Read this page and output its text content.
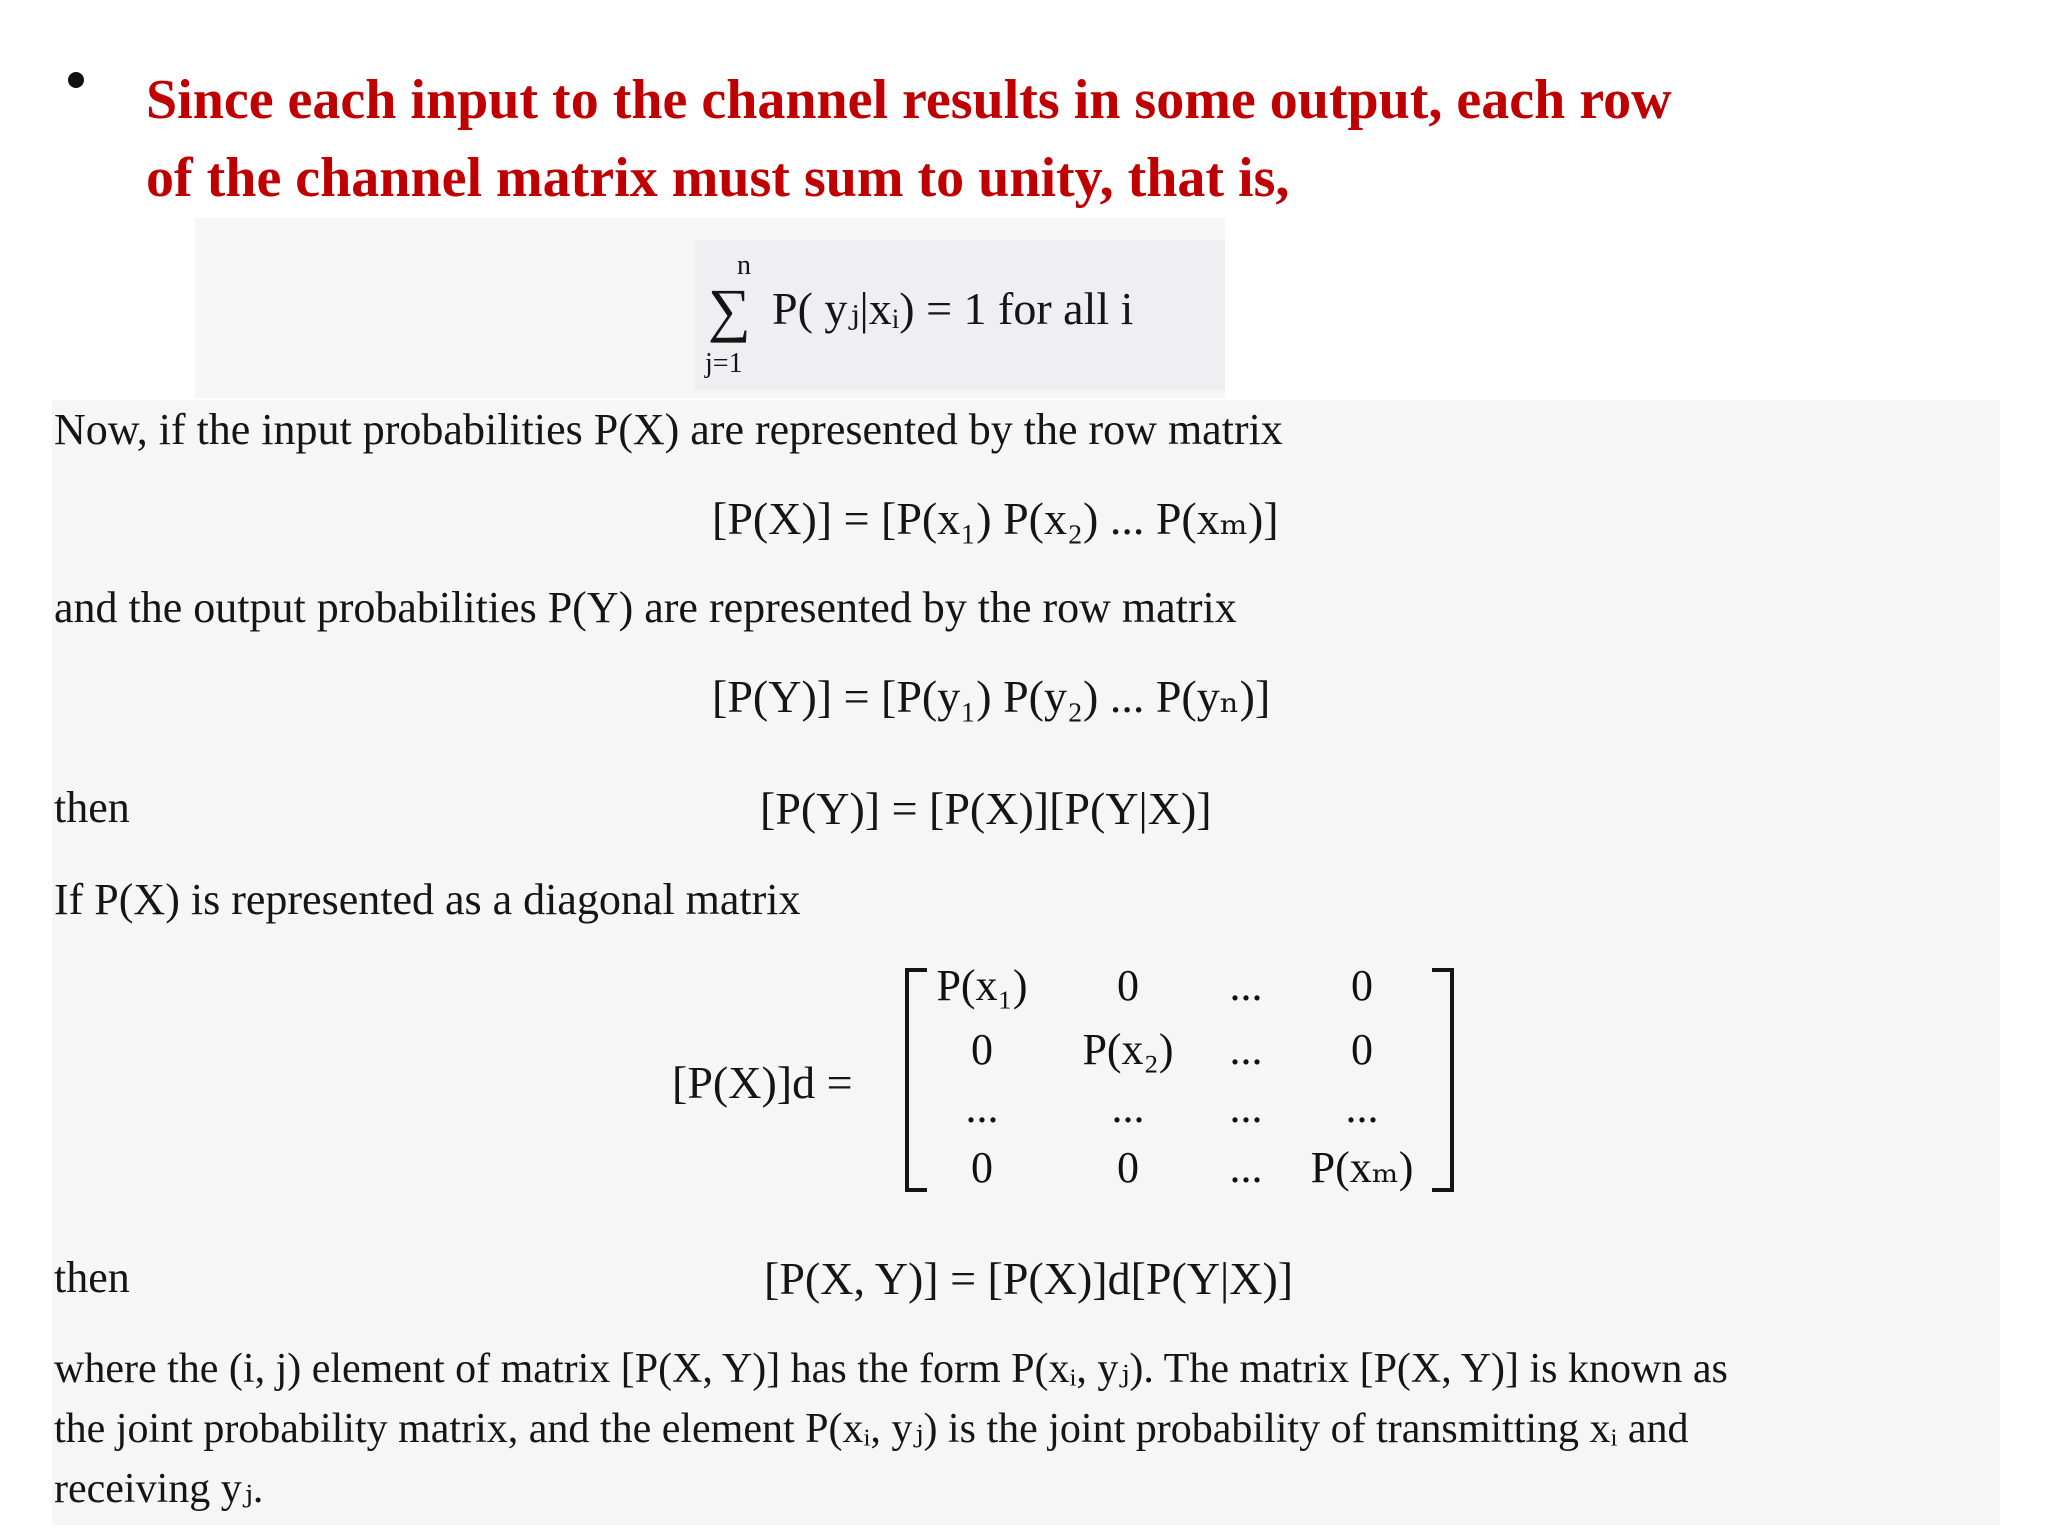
Since each input to the channel results in some output, each row
of the channel matrix must sum to unity, that is,
n
∑
j=1
P( yⱼ|xᵢ) = 1 for all i
Now, if the input probabilities P(X) are represented by the row matrix
[P(X)] = [P(x₁) P(x₂) ... P(xₘ)]
and the output probabilities P(Y) are represented by the row matrix
[P(Y)] = [P(y₁) P(y₂) ... P(yₙ)]
then	[P(Y)] = [P(X)][P(Y|X)]
If P(X) is represented as a diagonal matrix
[P(X)]d =
P(x₁) 0 ... 0
0 P(x₂) ... 0
...	... ... ...
0	0 ... P(xₘ)
then	[P(X, Y)] = [P(X)]d[P(Y|X)]
where the (i, j) element of matrix [P(X, Y)] has the form P(xᵢ, yⱼ). The matrix [P(X, Y)] is known as
the joint probability matrix, and the element P(xᵢ, yⱼ) is the joint probability of transmitting xᵢ and
receiving yⱼ.
